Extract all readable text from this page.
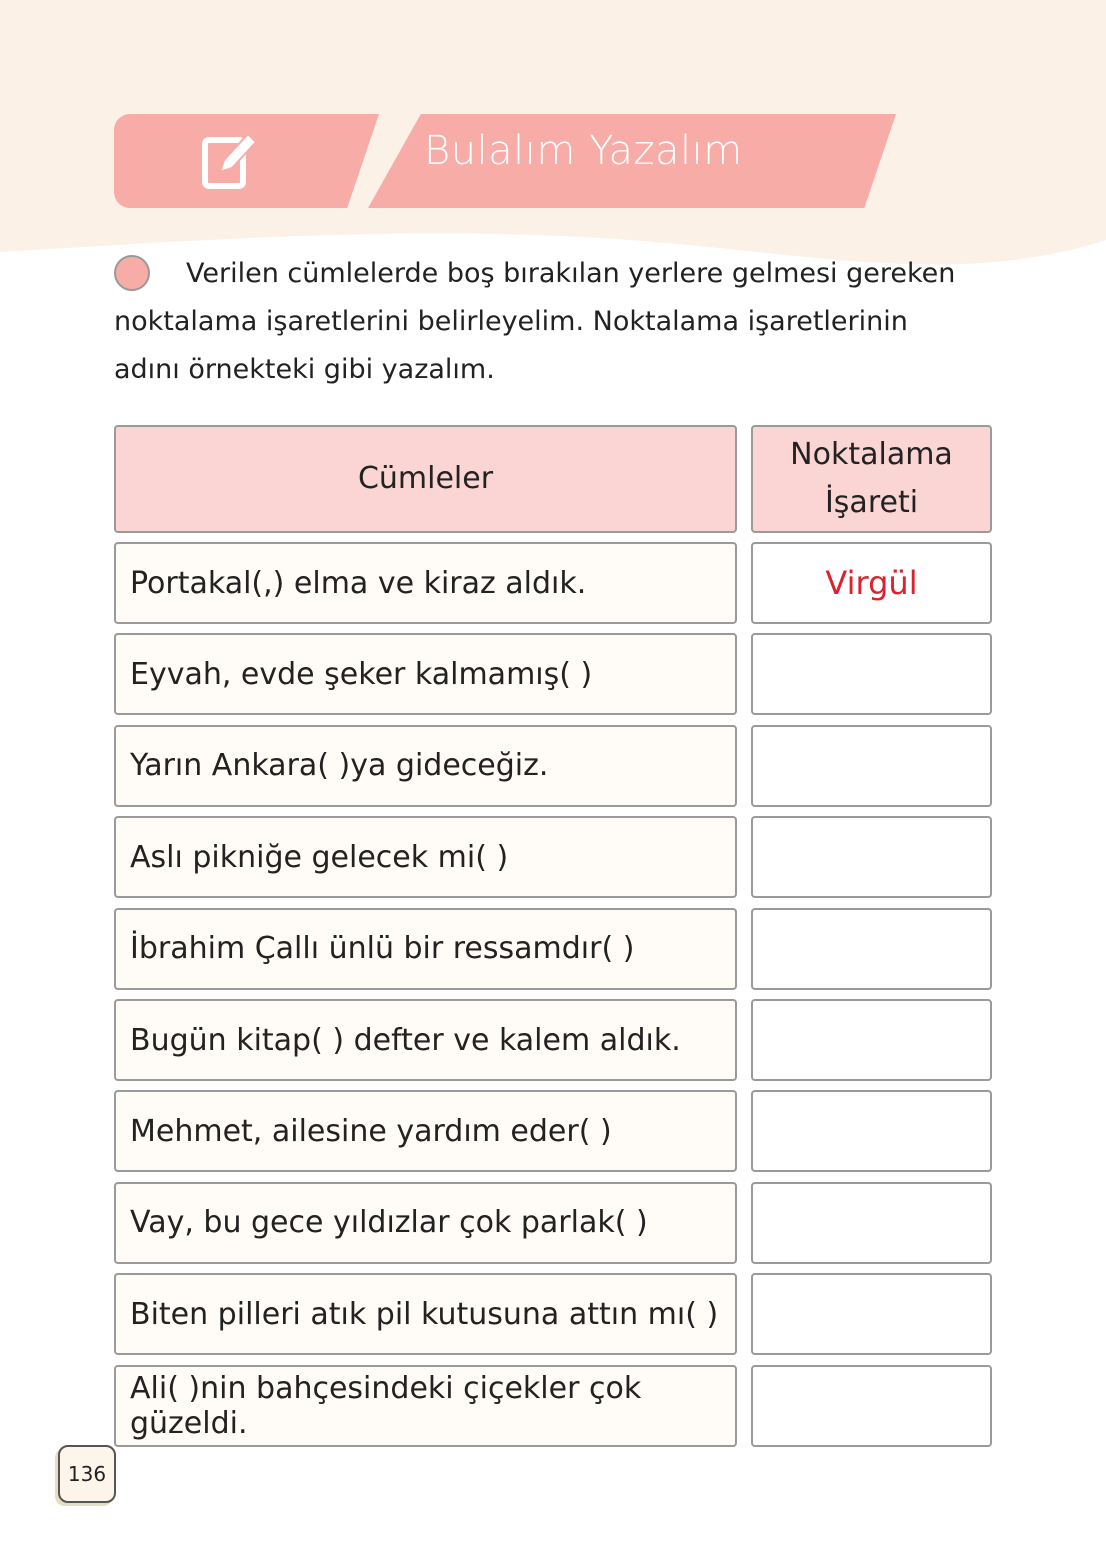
Bulalım Yazalım
Verilen cümlelerde boş bırakılan yerlere gelmesi gereken noktalama işaretlerini belirleyelim. Noktalama işaretlerinin adını örnekteki gibi yazalım.
Cümleler
Noktalama İşareti
Portakal(,) elma ve kiraz aldık.	Virgül
Eyvah, evde şeker kalmamış( )
Yarın Ankara( )ya gideceğiz.
Aslı pikniğe gelecek mi( )
İbrahim Çallı ünlü bir ressamdır( )
Bugün kitap( ) defter ve kalem aldık.
Mehmet, ailesine yardım eder( )
Vay, bu gece yıldızlar çok parlak( )
Biten pilleri atık pil kutusuna attın mı( )
Ali( )nin bahçesindeki çiçekler çok güzeldi.
136
